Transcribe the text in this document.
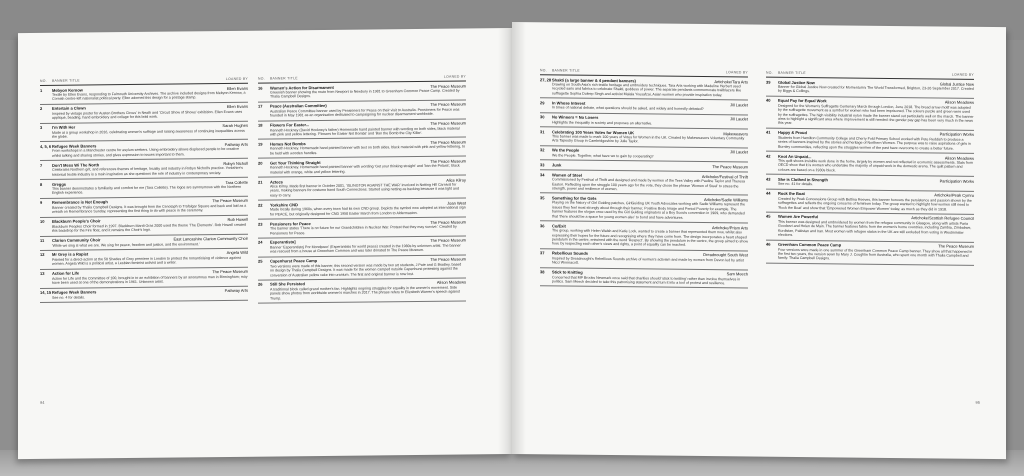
NO.	BANNER TITLE	LOANED BY
1	Mebyon Kernow	Ellen Evans
Textile by Ellen Evans, responding to Falmouth University Archives. The archive included designs from Mebyon Kernow, a Cornish centre-left nationalist political party. Ellen adorned this design for a postage stamp.
2	Entertain a Clown	Ellen Evans
Inspired by vintage poster for Austen Brothers Circus' in Neath and 'Circuit Show of Shows' exhibition. Ellen Evans uses appliqué, beading, hand embroidery and collage for this bold work.
3	I'm With Her	Sarah Hughes
Made at a group workshop in 2016, celebrating women's suffrage and raising awareness of continuing inequalities across the globe.
4, 5, 6 Refugee Week Banners	Pathway Arts
From workshops in a Manchester centre for asylum seekers. Using embroidery allows displaced people to be creative whilst talking and sharing stories, and gives expression to issues important to them.
7	Don't Mess Wi The North	Robyn Nicholl
Celebrates Northern grit, and references themes of heritage, locality and industry in Robyn Nicholl's practice. Yorkshire's historical textile industry is a main inspiration as she questions the role of industry in contemporary society.
8	Greggs	Tara Collette
This banner demonstrates a familiarity and comfort for me (Tara Collette). The logos are synonymous with the Northern English experience.
9	Remembrance is Not Enough	The Peace Museum
Banner created by Thalia Campbell Designs. It was brought from the Cenotaph to Trafalgar Square and back and laid as a wreath on Remembrance Sunday, representing the first thing to do with peace in the ceremony.
10	Blackburn People's Choir	Rob Howell
Blackburn Peoples Choir formed in 1997. Blackburn Mardi Gras 2000 used the theme 'The Elements'. Rob Howell created this backdrop for the Fire float, and it remains the Choir's logo.
11	Clarion Community Choir	East Lancashire Clarion Community Choir
'While we sing is what we are. We sing for peace, freedom and justice, and the environment.'
12	Mr Grey is a Rapist	Angela Wild
Painted for a direct-action at the 50 Shades of Grey premiere in London to protest the romanticising of violence against women. Angela Wild is a political artist, a Lesbian feminist activist and a writer.
13	Action for Life	The Peace Museum
Action for Life and the Committee of 100, brought in to an exhibition of banners by an anonymous man in Birmingham; may have been used at one of the demonstrations in 1961. Unknown artist.
14, 15 Refugee Week Banners	Pathway Arts
See no. 4 for details.
NO.	BANNER TITLE	LOANED BY
16	Women's Action for Disarmament	The Peace Museum
Greenish banner showing the route from Newport to Newbury in 1981 to Greenham Common Peace Camp. Created by Thalia Campbell Designs.
17	Peace (Australian Committee)	The Peace Museum
Australian Peace Committee banner used by Pensioners for Peace on their visit to Australia. Pensioners for Peace was founded in May 1981 as an organisation dedicated to campaigning for nuclear disarmament worldwide.
18	Flowers For Easter...	The Peace Museum
Kenneth Hockney (David Hockney's father) Homemade hand painted banner with wording on both sides, black material with pink and yellow lettering. 'Flowers for Easter Not Bombs' and 'Ban the Bomb the City Killer'.
19	Homes Not Bombs	The Peace Museum
Kenneth Hockney. Homemade hand painted banner with text on both sides, black material with pink and yellow lettering, to be held with wooden handles.
20	Get Your Thinking Straight	The Peace Museum
Kenneth Hockney. Homemade hand painted banner with wording 'Get your thinking straight' and 'ban the Polaris', black material with orange, white and yellow lettering.
21	Aztecs	Alice Kilroy
Alice Kilroy. Made first banner in October 2001, 'ISLINGTON AGAINST THE WAR' involved in Notting Hill Carnival for years, making banners for costume band South Connections. Started using netting as backing because it was light and easy to carry.
22	Yorkshire CND	Joan West
Made locally during 1960s, when every town had its own CND group. Depicts the symbol now adopted as international sign for PEACE, but originally designed for CND 1958 Easter March from London to Aldermaston.
23	Pensioners for Peace	The Peace Museum
The banner states 'There is no future for our Grandchildren in Nuclear War. Protest that they may survive.' Created by Pensioners for Peace.
24	Esperantisto]	The Peace Museum
Banner 'Esperantistoj Por Mondpaco' (Esperantists for world peace) created in the 1980s by unknown artist. The banner was rescued from a house at Greenham Common and was later donated to The Peace Museum.
25	Capenhurst Peace Camp	The Peace Museum
Two versions were made of this banner, this second version was made by two art students, J Pate and G Bradley, based on design by Thalia Campbell Designs. It was made for the women camped outside Capenhurst protesting against the conversion of Australian yellow cake into uranium. The first and original banner is now lost.
26	Still She Persisted	Alison Meadows
A traditional block called grand mother's fan. Highlights ongoing struggles for equality in the women's movement. Side panels show photos from worldwide women's marches in 2017. The phrase refers to Elizabeth Warren's speech against Trump.
94
NO.	BANNER TITLE	LOANED BY
27, 28 Shakti (a large banner & 4 pendant banners)	Artichoke/Tara Arts
Drawing on South Asia's rich textile heritage and embroidery techniques. Tara Arts working with Madeline Herbert used recycled saris and fabrics to celebrate Shakti, goddess of power. The separate pendants commemorate trailblazers like suffragette Sophia Duleep Singh and activist Malala Yousafzai, Asian women who provide inspiration today.
29	In Whose Interest	Jill Laudet
In times of national debate, what questions should be asked, and widely and honestly debated?
30	No Winners = No Losers	Jill Laudet
Highlights the inequality in society and proposes an alternative.
31	Celebrating 100 Years Votes for Women UK	Makeweavers
This banner was made to mark 100 years of Votes for Women in the UK. Created by Makeweavers Voluntary Community Arts Tapestry Group in Cambridgeshire by Julie Taylor.
32	We the People	Jill Laudet
We the People. Together, what have we to gain by cooperating?
33	Junk	The Peace Museum
34	Women of Steel	Artichoke/Festival of Thrift
Commissioned by Festival of Thrift and designed and made by women of the Tees Valley with Pauline Taylor and Theresa Easton. Reflecting upon the struggle 100 years ago for the vote, they chose the phrase 'Women of Steel' to stress the strength, power and resilience of women.
35	Something for the Girls	Artichoke/Sadie Williams
Playing on the history of Girl Guiding patches, GirlGuiding UK Youth Advocates working with Sadie Williams represent the issues they feel most strongly about through their banner, Positive Body Image and Period Poverty for example. The banner features the slogan once used by the Girl Guiding originators at a Boy Scouts convention in 1909, who demanded that 'there should be a space for young women also' to bond and have adventures.
36	Co/Exit	Artichoke/Prism Arts
The group, working with Helen Walsh and Katie Lock, wanted to create a banner that represented them now, whilst also expressing their hopes for the future and recognising where they have come from. The design incorporates a heart shaped pendulum in the centre, entwined with the word 'Respect'. By showing the pendulum in the centre, the group aimed to show how, by respecting each other's views and rights, a point of equality can be reached.
37	Rebellious Sounds	Dreadnought South West
Inspired by Dreadnought's Rebellious Sounds archive of women's activism and made by women from Devon led by artist Nicci Wonnacott.
38	Stick to Knitting	Sam Meech
Concerned that MP Brooks Newmark once said that charities should 'stick to knitting' rather than involve themselves in politics. Sam Meech decided to take this patronising statement and turn it into a tool of protest and resilience.
NO.	BANNER TITLE	LOANED BY
39	Global Justice Now	Global Justice Now
Banner for Global Justice Now created for Momentum's The World Transformed, Brighton, 23-26 September 2017. Created by Biggs & Collings.
40	Equal Pay for Equal Work	Alison Meadows
Designed for the Women's Suffragette Centenary March through London, June 2018. The bread arrow motif was adopted by the suffragette movement as a symbol for women who had been imprisoned. The colours purple and green were used by the suffragettes. The high visibility industrial nylon made the banner stand out particularly well on the march. The banner aims to highlight a significant area where improvement is still needed: the gender pay gap has been very much in the news this year.
41	Happy & Proud	Participation Works
Students from Hamilton Community College and Cherry Fold Primary School worked with Pete Reddish to produce a series of banners inspired by the stories and heritage of Northern Women. The purpose was to raise aspirations of girls in Burnley communities, reflecting upon the struggles women of the past have overcome to create a better future.
42	Knot An Unpaid...	Alison Meadows
This quilt shows invisible work done in the home, largely by women and not reflected in economic assessments. Stats from OECD show that it is women who undertake the majority of unpaid work in the domestic arena. The quilt pattern and colours are based on a 1930s block.
43	She is Clothed in Strength	Participation Works
See no. 41 for details.
44	Rock the Boat	Artichoke/Peak Cymru
Created by Peak Concessions Group with Bettina Reeves, this banner honours the persistence and passion shown by the suffragettes and reflects the ongoing concerns of feminism today. The group wanted to highlight how women still need to 'Rock the Boat' and show that 'Empowered Women Empower Women' today, as much as they did in 1918.
45	Women Are Powerful	Artichoke/Scottish Refugee Council
This banner was designed and embroidered by women from the refugee community in Glasgow, along with artists Paria Goodarzi and Helen de Main. The banner features fabric from the women's home countries, including Zambia, Zimbabwe, Kurdistan, Pakistan and Iran. Most women with refugee status in the UK are still excluded from voting in Westminster elections.
46	Greenham Common Peace Camp	The Peace Museum
Four versions were made in one summer of the Greenham Common Peace Camp banner. They show all that happened in the first two years, the version sewn by Mary J. Coughlin from Australia, who spent one month with Thalia Campbell and family. Thalia Campbell Designs.
95
